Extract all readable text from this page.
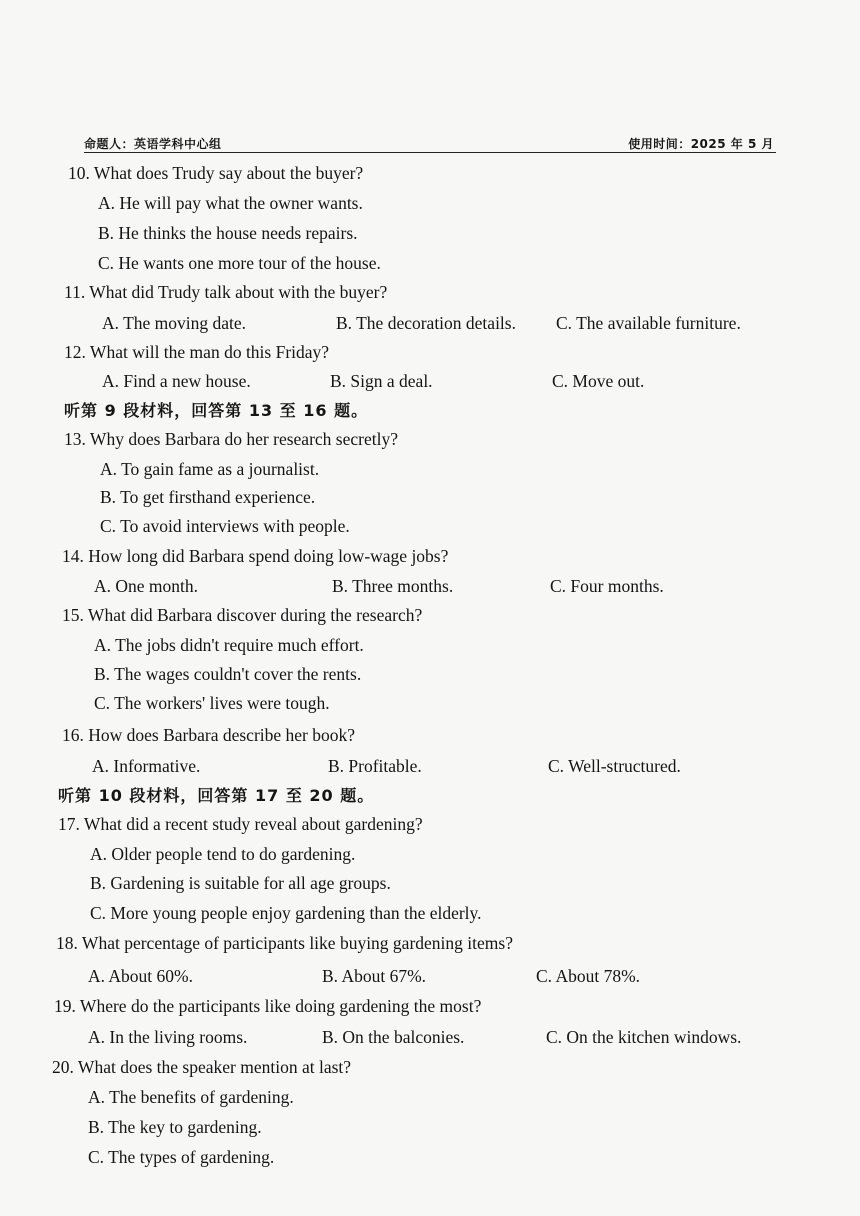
命题人：英语学科中心组	使用时间：2025 年 5 月
10. What does Trudy say about the buyer?
A. He will pay what the owner wants.
B. He thinks the house needs repairs.
C. He wants one more tour of the house.
11. What did Trudy talk about with the buyer?
A. The moving date.	B. The decoration details. C. The available furniture.
12. What will the man do this Friday?
A. Find a new house.	B. Sign a deal.	C. Move out.
听第 9 段材料，回答第 13 至 16 题。
13. Why does Barbara do her research secretly?
A. To gain fame as a journalist.
B. To get firsthand experience.
C. To avoid interviews with people.
14. How long did Barbara spend doing low-wage jobs?
A. One month.	B. Three months.	C. Four months.
15. What did Barbara discover during the research?
A. The jobs didn't require much effort.
B. The wages couldn't cover the rents.
C. The workers' lives were tough.
16. How does Barbara describe her book?
A. Informative.	B. Profitable.	C. Well-structured.
听第 10 段材料，回答第 17 至 20 题。
17. What did a recent study reveal about gardening?
A. Older people tend to do gardening.
B. Gardening is suitable for all age groups.
C. More young people enjoy gardening than the elderly.
18. What percentage of participants like buying gardening items?
A. About 60%.	B. About 67%.	C. About 78%.
19. Where do the participants like doing gardening the most?
A. In the living rooms.	B. On the balconies.	C. On the kitchen windows.
20. What does the speaker mention at last?
A. The benefits of gardening.
B. The key to gardening.
C. The types of gardening.
